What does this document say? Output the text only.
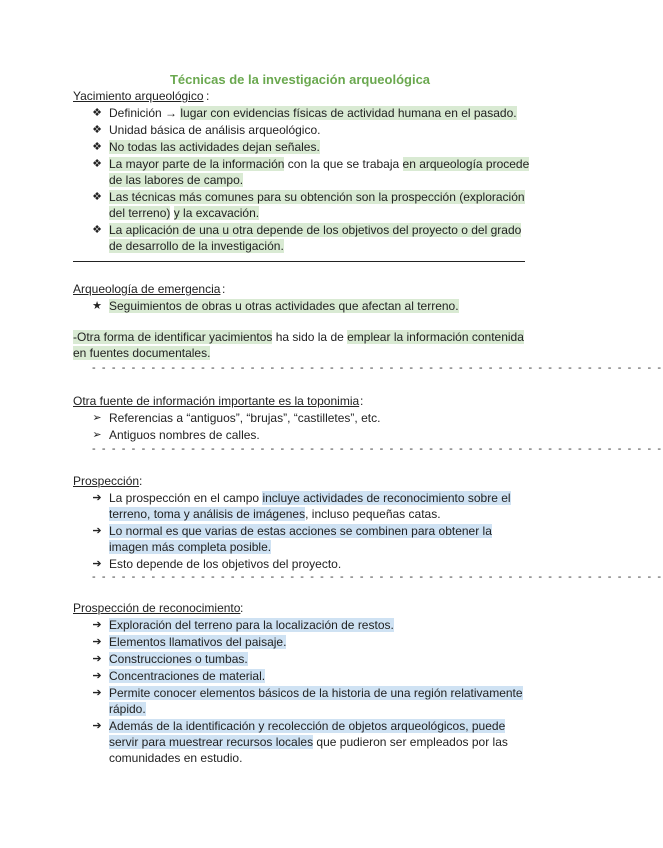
Técnicas de la investigación arqueológica
Yacimiento arqueológico :
❖ Definición → lugar con evidencias físicas de actividad humana en el pasado.
❖ Unidad básica de análisis arqueológico.
❖ No todas las actividades dejan señales.
❖ La mayor parte de la información con la que se trabaja en arqueología procede de las labores de campo.
❖ Las técnicas más comunes para su obtención son la prospección (exploración del terreno) y la excavación.
❖ La aplicación de una u otra depende de los objetivos del proyecto o del grado de desarrollo de la investigación.
Arqueología de emergencia :
★ Seguimientos de obras u otras actividades que afectan al terreno.
-Otra forma de identificar yacimientos ha sido la de emplear la información contenida en fuentes documentales.
- - - - - - - - - - - - - - - - - - - - - - - - - - - - - - - - - - - - - - - - - - - - - - - - - - - - - - - - - -
Otra fuente de información importante es la toponimia :
➢ Referencias a “antiguos”, “brujas”, “castilletes”, etc.
➢ Antiguos nombres de calles.
- - - - - - - - - - - - - - - - - - - - - - - - - - - - - - - - - - - - - - - - - - - - - - - - - - - - - - - - - -
Prospección :
➔ La prospección en el campo incluye actividades de reconocimiento sobre el terreno, toma y análisis de imágenes, incluso pequeñas catas.
➔ Lo normal es que varias de estas acciones se combinen para obtener la imagen más completa posible.
➔ Esto depende de los objetivos del proyecto.
- - - - - - - - - - - - - - - - - - - - - - - - - - - - - - - - - - - - - - - - - - - - - - - - - - - - - - - - - -
Prospección de reconocimiento :
➔ Exploración del terreno para la localización de restos.
➔ Elementos llamativos del paisaje.
➔ Construcciones o tumbas.
➔ Concentraciones de material.
➔ Permite conocer elementos básicos de la historia de una región relativamente rápido.
➔ Además de la identificación y recolección de objetos arqueológicos, puede servir para muestrear recursos locales que pudieron ser empleados por las comunidades en estudio.
